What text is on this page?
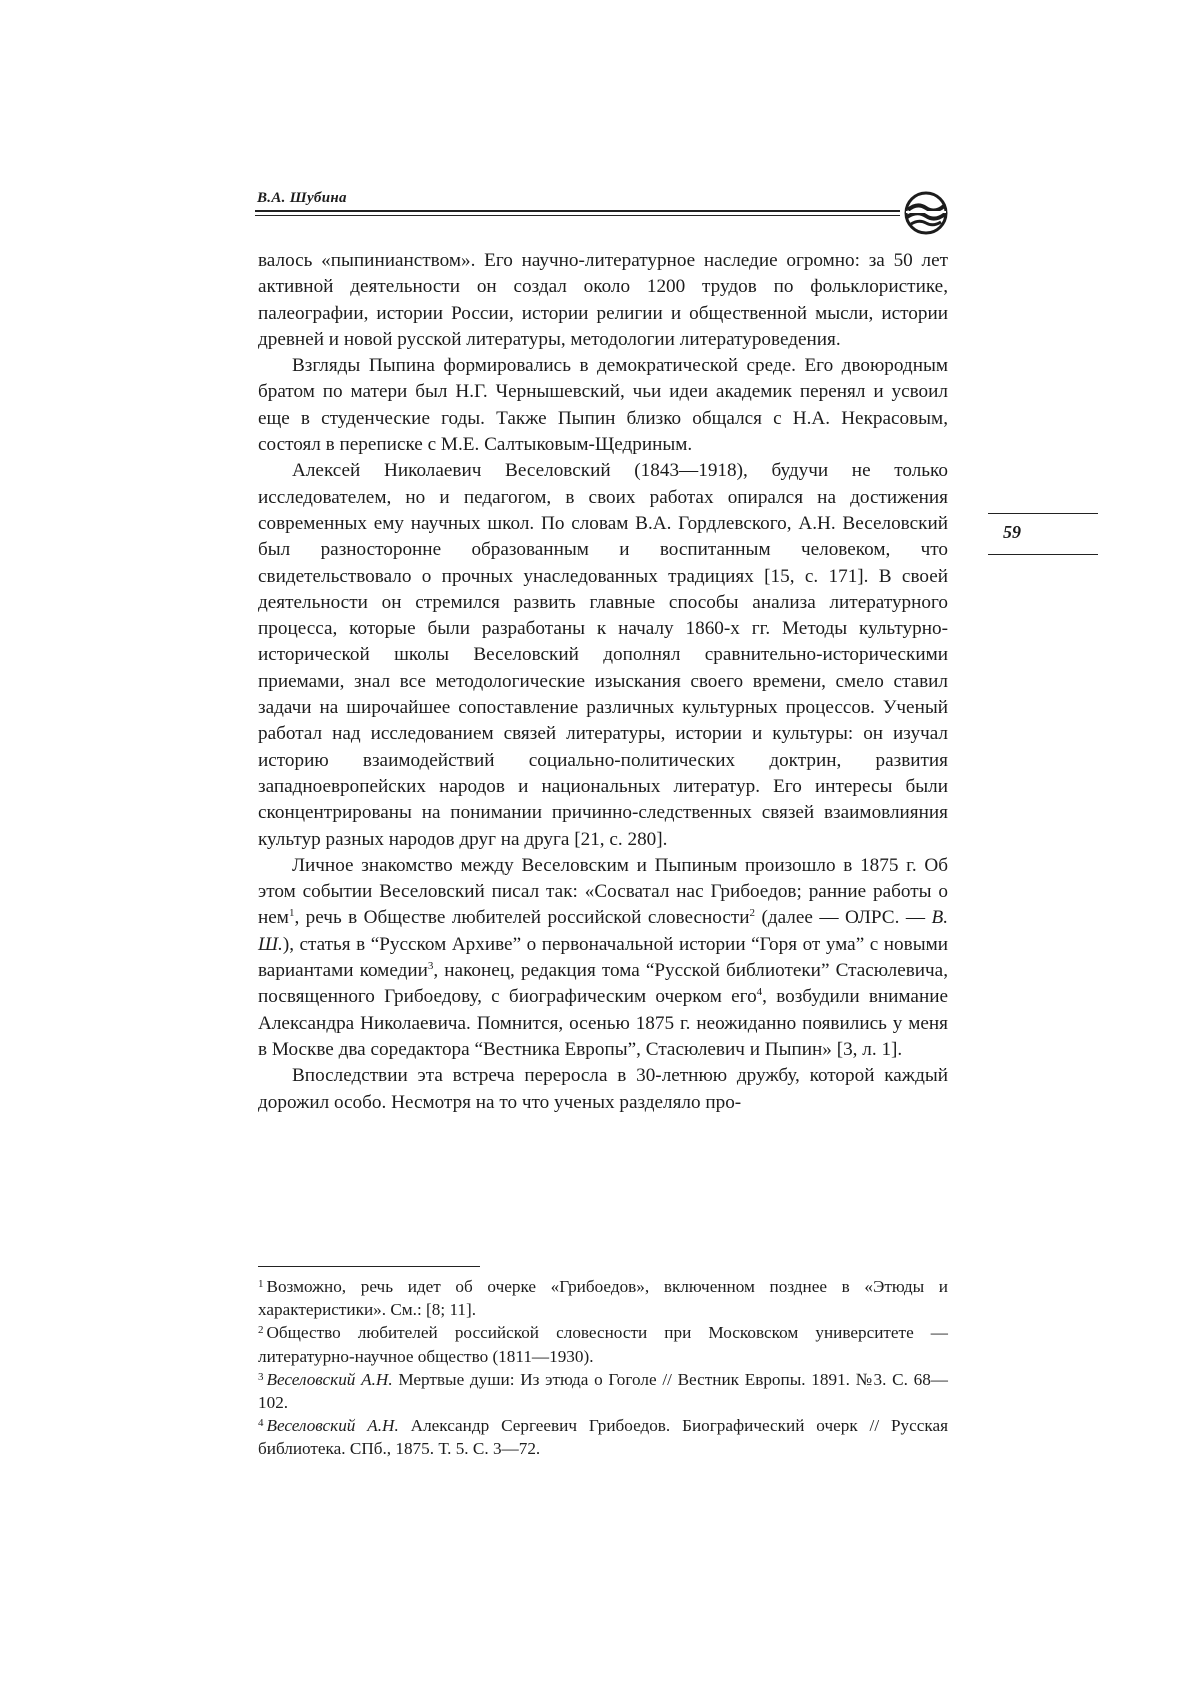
В.А. Шубина
59

валось «пыпинианством». Его научно-литературное наследие огромно: за 50 лет активной деятельности он создал около 1200 трудов по фольклористике, палеографии, истории России, истории религии и общественной мысли, истории древней и новой русской литературы, методологии литературоведения.

Взгляды Пыпина формировались в демократической среде. Его двоюродным братом по матери был Н.Г. Чернышевский, чьи идеи академик перенял и усвоил еще в студенческие годы. Также Пыпин близко общался с Н.А. Некрасовым, состоял в переписке с М.Е. Салтыковым-Щедриным.

Алексей Николаевич Веселовский (1843—1918), будучи не только исследователем, но и педагогом, в своих работах опирался на достижения современных ему научных школ. По словам В.А. Гордлевского, А.Н. Веселовский был разносторонне образованным и воспитанным человеком, что свидетельствовало о прочных унаследованных традициях [15, с. 171]. В своей деятельности он стремился развить главные способы анализа литературного процесса, которые были разработаны к началу 1860-х гг. Методы культурно-исторической школы Веселовский дополнял сравнительно-историческими приемами, знал все методологические изыскания своего времени, смело ставил задачи на широчайшее сопоставление различных культурных процессов. Ученый работал над исследованием связей литературы, истории и культуры: он изучал историю взаимодействий социально-политических доктрин, развития западноевропейских народов и национальных литератур. Его интересы были сконцентрированы на понимании причинно-следственных связей взаимовлияния культур разных народов друг на друга [21, с. 280].

Личное знакомство между Веселовским и Пыпиным произошло в 1875 г. Об этом событии Веселовский писал так: «Сосватал нас Грибоедов; ранние работы о нем$^1$, речь в Обществе любителей российской словесности$^2$ (далее — ОЛРС. — В. Ш.), статья в “Русском Архиве” о первоначальной истории “Горя от ума” с новыми вариантами комедии$^3$, наконец, редакция тома “Русской библиотеки” Стасюлевича, посвященного Грибоедову, с биографическим очерком его$^4$, возбудили внимание Александра Николаевича. Помнится, осенью 1875 г. неожиданно появились у меня в Москве два соредактора “Вестника Европы”, Стасюлевич и Пыпин» [3, л. 1].

Впоследствии эта встреча переросла в 30-летнюю дружбу, которой каждый дорожил особо. Несмотря на то что ученых разделяло про-

$^1$ Возможно, речь идет об очерке «Грибоедов», включенном позднее в «Этюды и характеристики». См.: [8; 11].

$^2$ Общество любителей российской словесности при Московском университете — литературно-научное общество (1811—1930).

$^3$ Веселовский А.Н. Мертвые души: Из этюда о Гоголе // Вестник Европы. 1891. №3. С. 68—102.

$^4$ Веселовский А.Н. Александр Сергеевич Грибоедов. Биографический очерк // Русская библиотека. СПб., 1875. Т. 5. С. 3—72.
